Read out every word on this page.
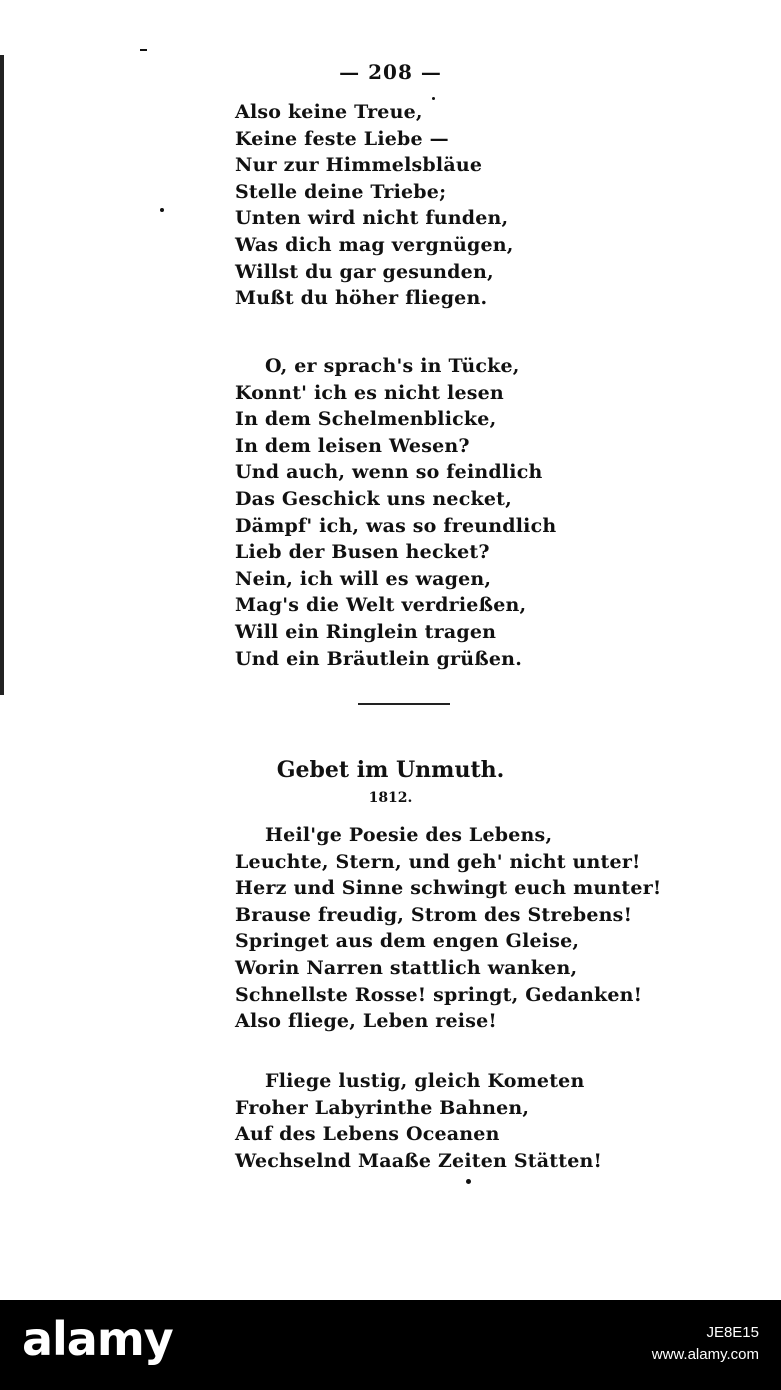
— 208 —
Also keine Treue,
Keine feste Liebe —
Nur zur Himmelsbläue
Stelle deine Triebe;
Unten wird nicht funden,
Was dich mag vergnügen,
Willst du gar gesunden,
Mußt du höher fliegen.
O, er sprach's in Tücke,
Konnt' ich es nicht lesen
In dem Schelmenblicke,
In dem leisen Wesen?
Und auch, wenn so feindlich
Das Geschick uns necket,
Dämpf' ich, was so freundlich
Lieb der Busen hecket?
Nein, ich will es wagen,
Mag's die Welt verdrießen,
Will ein Ringlein tragen
Und ein Bräutlein grüßen.
Gebet im Unmuth.
1812.
Heil'ge Poesie des Lebens,
Leuchte, Stern, und geh' nicht unter!
Herz und Sinne schwingt euch munter!
Brause freudig, Strom des Strebens!
Springet aus dem engen Gleise,
Worin Narren stattlich wanken,
Schnellste Rosse! springt, Gedanken!
Also fliege, Leben reise!
Fliege lustig, gleich Kometen
Froher Labyrinthe Bahnen,
Auf des Lebens Oceanen
Wechselnd Maaße Zeiten Stätten!
alamy	JE8E15
www.alamy.com
